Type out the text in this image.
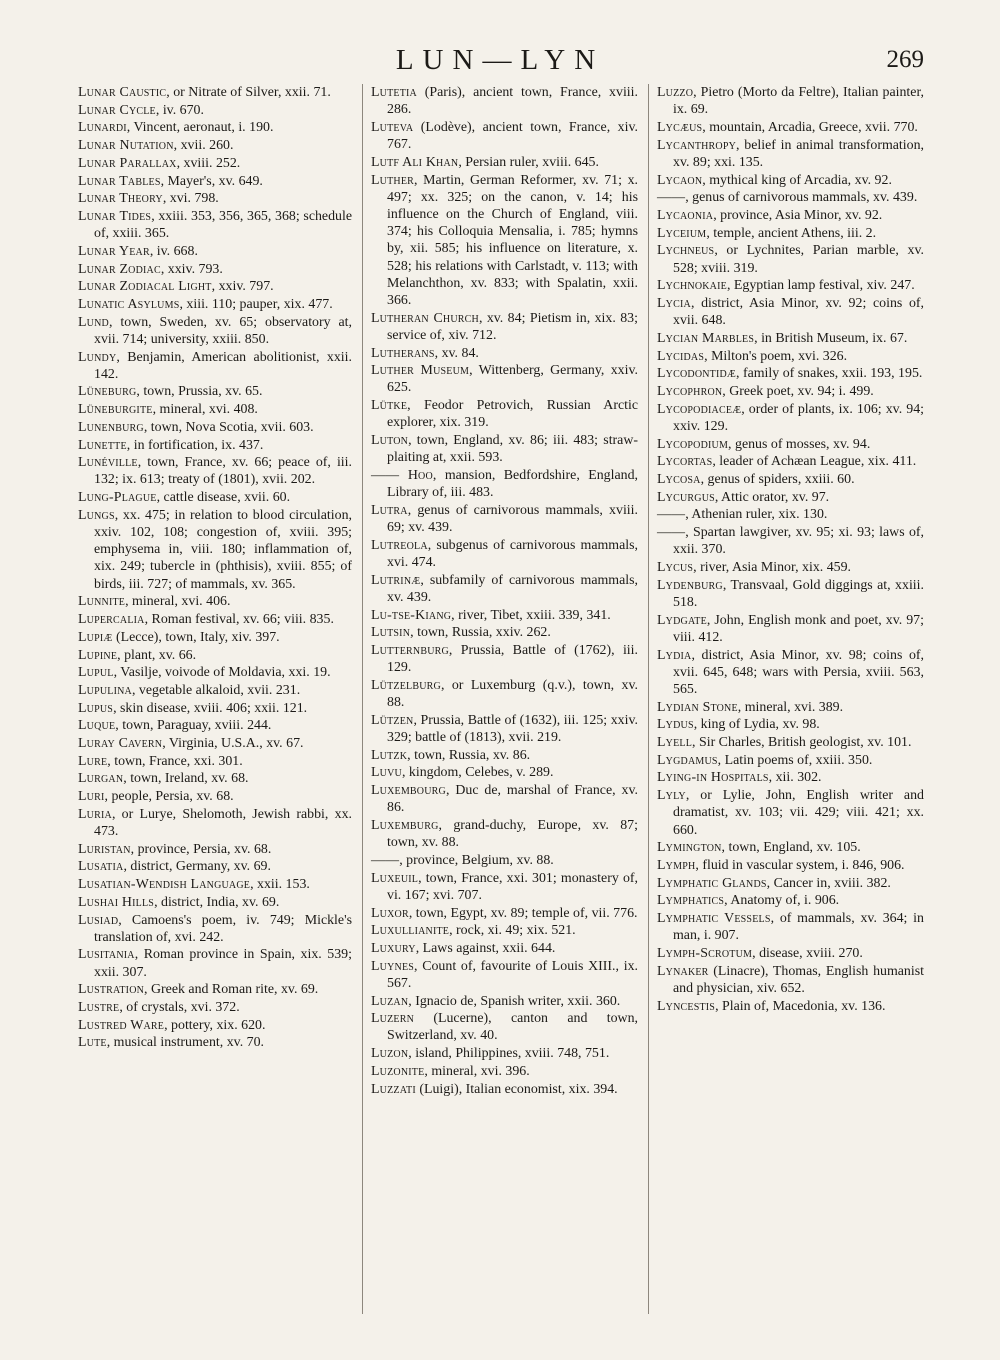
LUN—LYN	269

Lunar Caustic, or Nitrate of Silver, xxii. 71.

Lunar Cycle, iv. 670.

Lunardi, Vincent, aeronaut, i. 190.

Lunar Nutation, xvii. 260.

Lunar Parallax, xviii. 252.

Lunar Tables, Mayer's, xv. 649.

Lunar Theory, xvi. 798.

Lunar Tides, xxiii. 353, 356, 365, 368; schedule of, xxiii. 365.

Lunar Year, iv. 668.

Lunar Zodiac, xxiv. 793.

Lunar Zodiacal Light, xxiv. 797.

Lunatic Asylums, xiii. 110; pauper, xix. 477.

Lund, town, Sweden, xv. 65; observatory at, xvii. 714; university, xxiii. 850.

Lundy, Benjamin, American abolitionist, xxii. 142.

Lüneburg, town, Prussia, xv. 65.

Lüneburgite, mineral, xvi. 408.

Lunenburg, town, Nova Scotia, xvii. 603.

Lunette, in fortification, ix. 437.

Lunéville, town, France, xv. 66; peace of, iii. 132; ix. 613; treaty of (1801), xvii. 202.

Lung-Plague, cattle disease, xvii. 60.

Lungs, xx. 475; in relation to blood circulation, xxiv. 102, 108; congestion of, xviii. 395; emphysema in, viii. 180; inflammation of, xix. 249; tubercle in (phthisis), xviii. 855; of birds, iii. 727; of mammals, xv. 365.

Lunnite, mineral, xvi. 406.

Lupercalia, Roman festival, xv. 66; viii. 835.

Lupiæ (Lecce), town, Italy, xiv. 397.

Lupine, plant, xv. 66.

Lupul, Vasilje, voivode of Moldavia, xxi. 19.

Lupulina, vegetable alkaloid, xvii. 231.

Lupus, skin disease, xviii. 406; xxii. 121.

Luque, town, Paraguay, xviii. 244.

Luray Cavern, Virginia, U.S.A., xv. 67.

Lure, town, France, xxi. 301.

Lurgan, town, Ireland, xv. 68.

Luri, people, Persia, xv. 68.

Luria, or Lurye, Shelomoth, Jewish rabbi, xx. 473.

Luristan, province, Persia, xv. 68.

Lusatia, district, Germany, xv. 69.

Lusatian-Wendish Language, xxii. 153.

Lushai Hills, district, India, xv. 69.

Lusiad, Camoens's poem, iv. 749; Mickle's translation of, xvi. 242.

Lusitania, Roman province in Spain, xix. 539; xxii. 307.

Lustration, Greek and Roman rite, xv. 69.

Lustre, of crystals, xvi. 372.

Lustred Ware, pottery, xix. 620.

Lute, musical instrument, xv. 70.

Lutetia (Paris), ancient town, France, xviii. 286.

Luteva (Lodève), ancient town, France, xiv. 767.

Lutf Ali Khan, Persian ruler, xviii. 645.

Luther, Martin, German Reformer, xv. 71; x. 497; xx. 325; on the canon, v. 14; his influence on the Church of England, viii. 374; his Colloquia Mensalia, i. 785; hymns by, xii. 585; his influence on literature, x. 528; his relations with Carlstadt, v. 113; with Melanchthon, xv. 833; with Spalatin, xxii. 366.

Lutheran Church, xv. 84; Pietism in, xix. 83; service of, xiv. 712.

Lutherans, xv. 84.

Luther Museum, Wittenberg, Germany, xxiv. 625.

Lütke, Feodor Petrovich, Russian Arctic explorer, xix. 319.

Luton, town, England, xv. 86; iii. 483; straw-plaiting at, xxii. 593.

—— Hoo, mansion, Bedfordshire, England, Library of, iii. 483.

Lutra, genus of carnivorous mammals, xviii. 69; xv. 439.

Lutreola, subgenus of carnivorous mammals, xvi. 474.

Lutrinæ, subfamily of carnivorous mammals, xv. 439.

Lu-tse-Kiang, river, Tibet, xxiii. 339, 341.

Lutsin, town, Russia, xxiv. 262.

Lutternburg, Prussia, Battle of (1762), iii. 129.

Lützelburg, or Luxemburg (q.v.), town, xv. 88.

Lützen, Prussia, Battle of (1632), iii. 125; xxiv. 329; battle of (1813), xvii. 219.

Lutzk, town, Russia, xv. 86.

Luvu, kingdom, Celebes, v. 289.

Luxembourg, Duc de, marshal of France, xv. 86.

Luxemburg, grand-duchy, Europe, xv. 87; town, xv. 88.

——, province, Belgium, xv. 88.

Luxeuil, town, France, xxi. 301; monastery of, vi. 167; xvi. 707.

Luxor, town, Egypt, xv. 89; temple of, vii. 776.

Luxullianite, rock, xi. 49; xix. 521.

Luxury, Laws against, xxii. 644.

Luynes, Count of, favourite of Louis XIII., ix. 567.

Luzan, Ignacio de, Spanish writer, xxii. 360.

Luzern (Lucerne), canton and town, Switzerland, xv. 40.

Luzon, island, Philippines, xviii. 748, 751.

Luzonite, mineral, xvi. 396.

Luzzati (Luigi), Italian economist, xix. 394.

Luzzo, Pietro (Morto da Feltre), Italian painter, ix. 69.

Lycæus, mountain, Arcadia, Greece, xvii. 770.

Lycanthropy, belief in animal transformation, xv. 89; xxi. 135.

Lycaon, mythical king of Arcadia, xv. 92.

——, genus of carnivorous mammals, xv. 439.

Lycaonia, province, Asia Minor, xv. 92.

Lyceium, temple, ancient Athens, iii. 2.

Lychneus, or Lychnites, Parian marble, xv. 528; xviii. 319.

Lychnokaie, Egyptian lamp festival, xiv. 247.

Lycia, district, Asia Minor, xv. 92; coins of, xvii. 648.

Lycian Marbles, in British Museum, ix. 67.

Lycidas, Milton's poem, xvi. 326.

Lycodontidæ, family of snakes, xxii. 193, 195.

Lycophron, Greek poet, xv. 94; i. 499.

Lycopodiaceæ, order of plants, ix. 106; xv. 94; xxiv. 129.

Lycopodium, genus of mosses, xv. 94.

Lycortas, leader of Achæan League, xix. 411.

Lycosa, genus of spiders, xxiii. 60.

Lycurgus, Attic orator, xv. 97.

——, Athenian ruler, xix. 130.

——, Spartan lawgiver, xv. 95; xi. 93; laws of, xxii. 370.

Lycus, river, Asia Minor, xix. 459.

Lydenburg, Transvaal, Gold diggings at, xxiii. 518.

Lydgate, John, English monk and poet, xv. 97; viii. 412.

Lydia, district, Asia Minor, xv. 98; coins of, xvii. 645, 648; wars with Persia, xviii. 563, 565.

Lydian Stone, mineral, xvi. 389.

Lydus, king of Lydia, xv. 98.

Lyell, Sir Charles, British geologist, xv. 101.

Lygdamus, Latin poems of, xxiii. 350.

Lying-in Hospitals, xii. 302.

Lyly, or Lylie, John, English writer and dramatist, xv. 103; vii. 429; viii. 421; xx. 660.

Lymington, town, England, xv. 105.

Lymph, fluid in vascular system, i. 846, 906.

Lymphatic Glands, Cancer in, xviii. 382.

Lymphatics, Anatomy of, i. 906.

Lymphatic Vessels, of mammals, xv. 364; in man, i. 907.

Lymph-Scrotum, disease, xviii. 270.

Lynaker (Linacre), Thomas, English humanist and physician, xiv. 652.

Lyncestis, Plain of, Macedonia, xv. 136.
